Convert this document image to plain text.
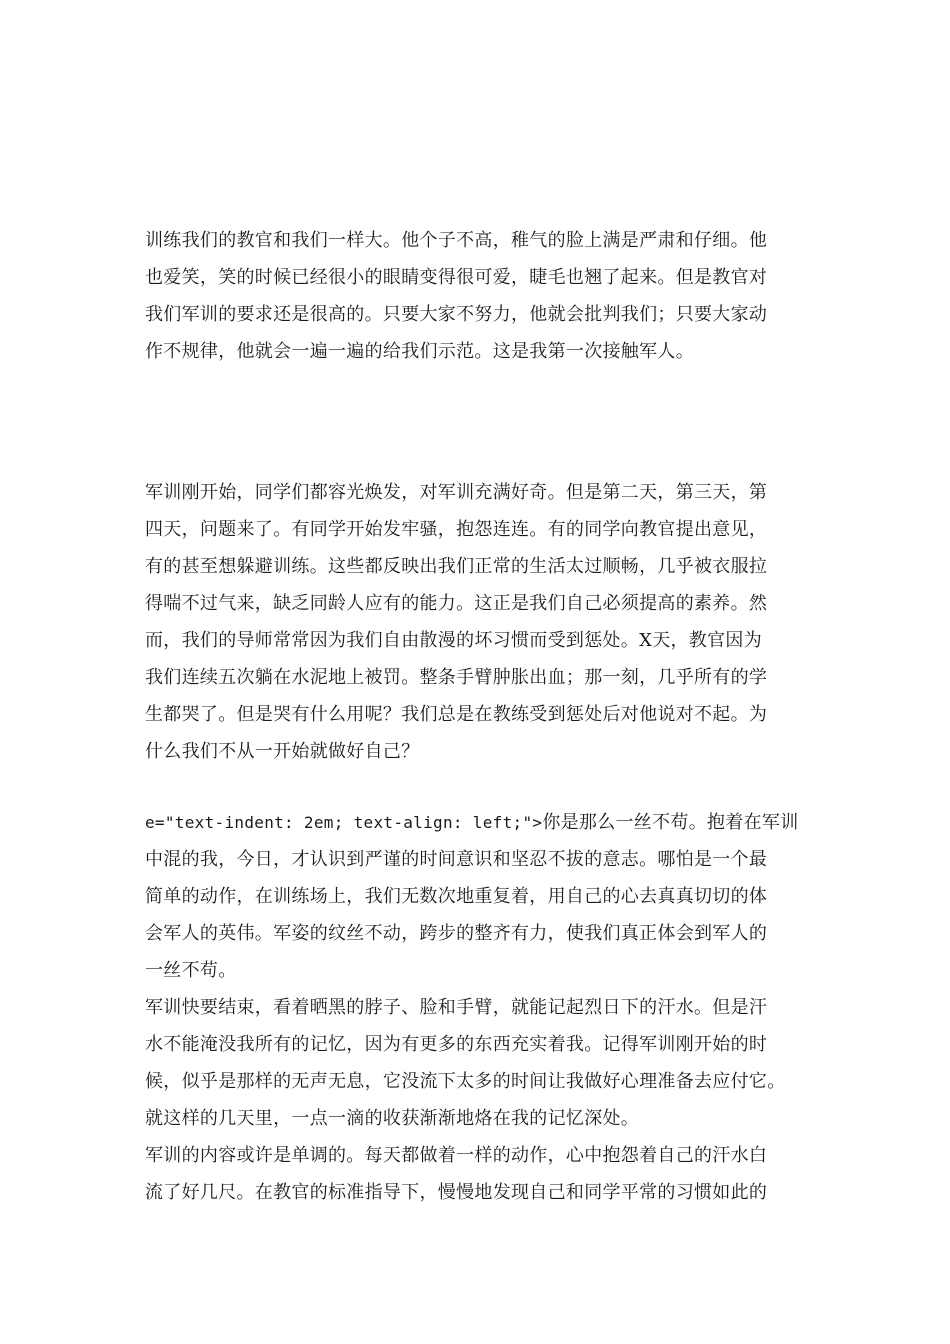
训练我们的教官和我们一样大。他个子不高，稚气的脸上满是严肃和仔细。他
也爱笑，笑的时候已经很小的眼睛变得很可爱，睫毛也翘了起来。但是教官对
我们军训的要求还是很高的。只要大家不努力，他就会批判我们；只要大家动
作不规律，他就会一遍一遍的给我们示范。这是我第一次接触军人。
军训刚开始，同学们都容光焕发，对军训充满好奇。但是第二天，第三天，第
四天，问题来了。有同学开始发牢骚，抱怨连连。有的同学向教官提出意见，
有的甚至想躲避训练。这些都反映出我们正常的生活太过顺畅，几乎被衣服拉
得喘不过气来，缺乏同龄人应有的能力。这正是我们自己必须提高的素养。然
而，我们的导师常常因为我们自由散漫的坏习惯而受到惩处。X天，教官因为
我们连续五次躺在水泥地上被罚。整条手臂肿胀出血；那一刻，几乎所有的学
生都哭了。但是哭有什么用呢？我们总是在教练受到惩处后对他说对不起。为
什么我们不从一开始就做好自己？
e="text-indent: 2em; text-align: left;">你是那么一丝不苟。抱着在军训
中混的我，今日，才认识到严谨的时间意识和坚忍不拔的意志。哪怕是一个最
简单的动作，在训练场上，我们无数次地重复着，用自己的心去真真切切的体
会军人的英伟。军姿的纹丝不动，跨步的整齐有力，使我们真正体会到军人的
一丝不苟。
军训快要结束，看着晒黑的脖子、脸和手臂，就能记起烈日下的汗水。但是汗
水不能淹没我所有的记忆，因为有更多的东西充实着我。记得军训刚开始的时
候，似乎是那样的无声无息，它没流下太多的时间让我做好心理准备去应付它。
就这样的几天里，一点一滴的收获渐渐地烙在我的记忆深处。
军训的内容或许是单调的。每天都做着一样的动作，心中抱怨着自己的汗水白
流了好几尺。在教官的标准指导下，慢慢地发现自己和同学平常的习惯如此的
